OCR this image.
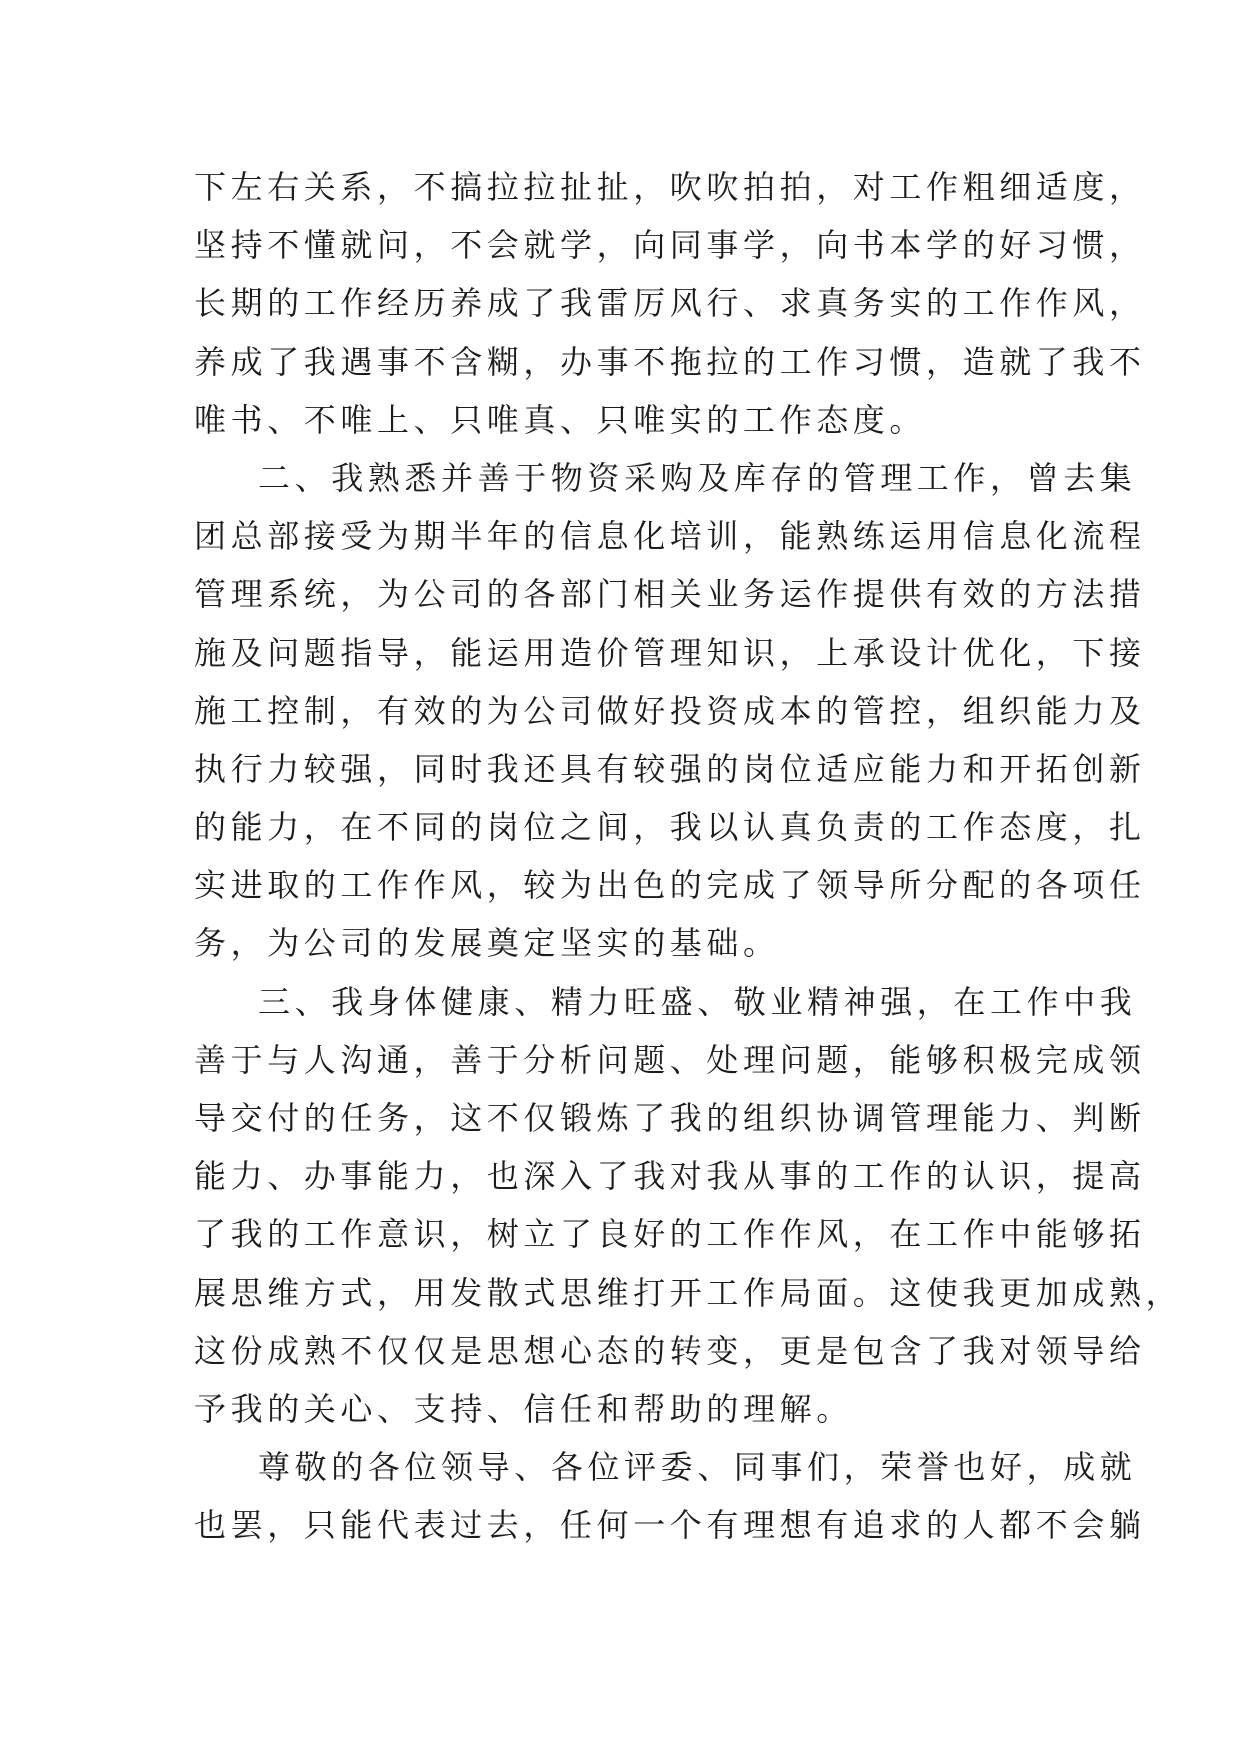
下左右关系，不搞拉拉扯扯，吹吹拍拍，对工作粗细适度，
坚持不懂就问，不会就学，向同事学，向书本学的好习惯，
长期的工作经历养成了我雷厉风行、求真务实的工作作风，
养成了我遇事不含糊，办事不拖拉的工作习惯，造就了我不
唯书、不唯上、只唯真、只唯实的工作态度。
二、我熟悉并善于物资采购及库存的管理工作，曾去集
团总部接受为期半年的信息化培训，能熟练运用信息化流程
管理系统，为公司的各部门相关业务运作提供有效的方法措
施及问题指导，能运用造价管理知识，上承设计优化，下接
施工控制，有效的为公司做好投资成本的管控，组织能力及
执行力较强，同时我还具有较强的岗位适应能力和开拓创新
的能力，在不同的岗位之间，我以认真负责的工作态度，扎
实进取的工作作风，较为出色的完成了领导所分配的各项任
务，为公司的发展奠定坚实的基础。
三、我身体健康、精力旺盛、敬业精神强，在工作中我
善于与人沟通，善于分析问题、处理问题，能够积极完成领
导交付的任务，这不仅锻炼了我的组织协调管理能力、判断
能力、办事能力，也深入了我对我从事的工作的认识，提高
了我的工作意识，树立了良好的工作作风，在工作中能够拓
展思维方式，用发散式思维打开工作局面。这使我更加成熟，
这份成熟不仅仅是思想心态的转变，更是包含了我对领导给
予我的关心、支持、信任和帮助的理解。
尊敬的各位领导、各位评委、同事们，荣誉也好，成就
也罢，只能代表过去，任何一个有理想有追求的人都不会躺
